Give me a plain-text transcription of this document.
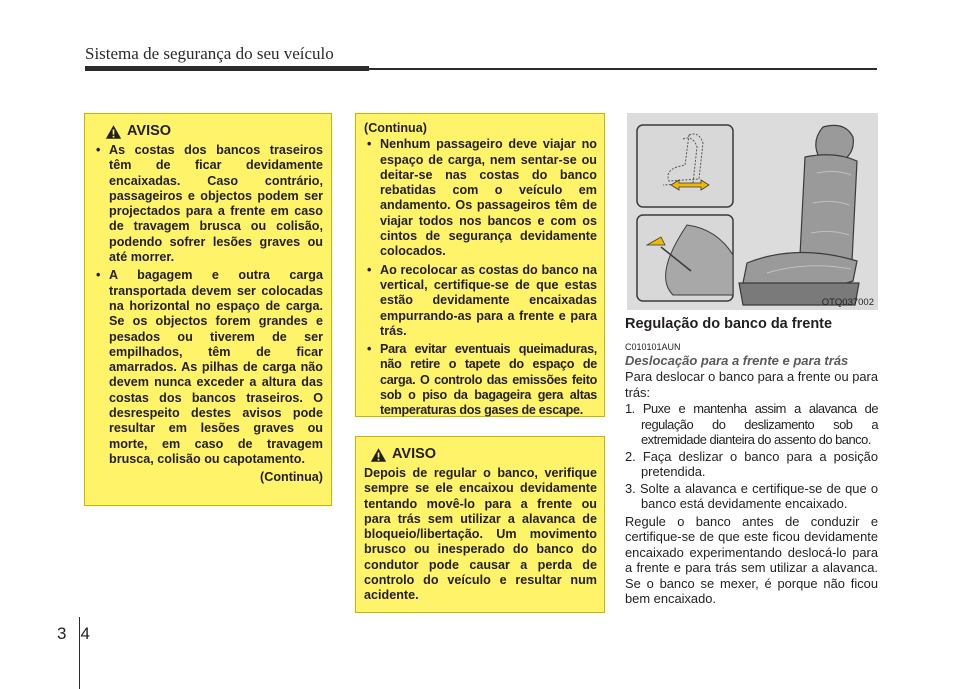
Sistema de segurança do seu veículo
AVISO
• As costas dos bancos traseiros têm de ficar devidamente encaixadas. Caso contrário, passageiros e objectos podem ser projectados para a frente em caso de travagem brusca ou colisão, podendo sofrer lesões graves ou até morrer.
• A bagagem e outra carga transportada devem ser colocadas na horizontal no espaço de carga. Se os objectos forem grandes e pesados ou tiverem de ser empilhados, têm de ficar amarrados. As pilhas de carga não devem nunca exceder a altura das costas dos bancos traseiros. O desrespeito destes avisos pode resultar em lesões graves ou morte, em caso de travagem brusca, colisão ou capotamento.
(Continua)
(Continua)
• Nenhum passageiro deve viajar no espaço de carga, nem sentar-se ou deitar-se nas costas do banco rebatidas com o veículo em andamento. Os passageiros têm de viajar todos nos bancos e com os cintos de segurança devidamente colocados.
• Ao recolocar as costas do banco na vertical, certifique-se de que estas estão devidamente encaixadas empurrando-as para a frente e para trás.
• Para evitar eventuais queimaduras, não retire o tapete do espaço de carga. O controlo das emissões feito sob o piso da bagageira gera altas temperaturas dos gases de escape.
AVISO

Depois de regular o banco, verifique sempre se ele encaixou devidamente tentando movê-lo para a frente ou para trás sem utilizar a alavanca de bloqueio/libertação. Um movimento brusco ou inesperado do banco do condutor pode causar a perda de controlo do veículo e resultar num acidente.

OTQ037002
Regulação do banco da frente
C010101AUN
Deslocação para a frente e para trás

Para deslocar o banco para a frente ou para trás:

1. Puxe e mantenha assim a alavanca de regulação do deslizamento sob a extremidade dianteira do assento do banco.
2. Faça deslizar o banco para a posição pretendida.
3. Solte a alavanca e certifique-se de que o banco está devidamente encaixado.

Regule o banco antes de conduzir e certifique-se de que este ficou devidamente encaixado experimentando deslocá-lo para a frente e para trás sem utilizar a alavanca. Se o banco se mexer, é porque não ficou bem encaixado.

3 4
